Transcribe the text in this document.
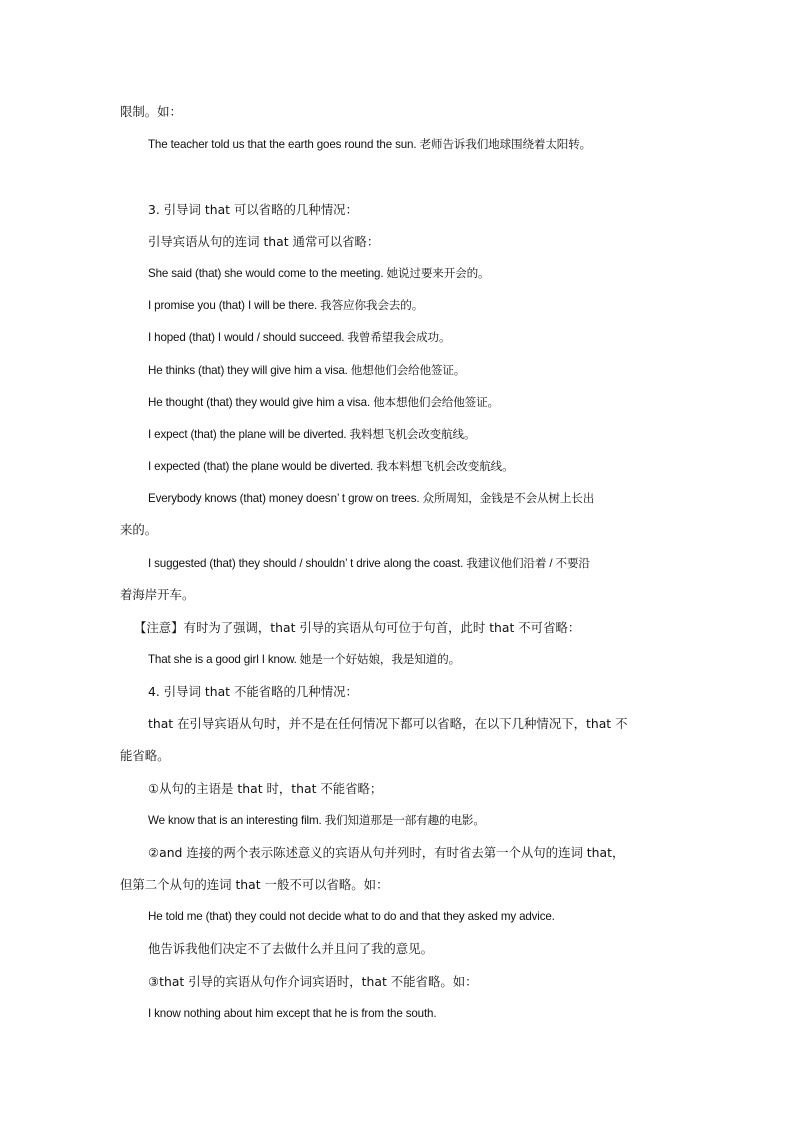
限制。如：
The teacher told us that the earth goes round the sun. 老师告诉我们地球围绕着太阳转。
3. 引导词 that 可以省略的几种情况：
引导宾语从句的连词 that 通常可以省略：
She said (that) she would come to the meeting. 她说过要来开会的。
I promise you (that) I will be there. 我答应你我会去的。
I hoped (that) I would / should succeed. 我曾希望我会成功。
He thinks (that) they will give him a visa. 他想他们会给他签证。
He thought (that) they would give him a visa. 他本想他们会给他签证。
I expect (that) the plane will be diverted. 我料想飞机会改变航线。
I expected (that) the plane would be diverted. 我本料想飞机会改变航线。
Everybody knows (that) money doesn’ t grow on trees. 众所周知，金钱是不会从树上长出
来的。
I suggested (that) they should / shouldn’ t drive along the coast. 我建议他们沿着 / 不要沿
着海岸开车。
【注意】有时为了强调，that 引导的宾语从句可位于句首，此时 that 不可省略：
That she is a good girl I know. 她是一个好姑娘，我是知道的。
4. 引导词 that 不能省略的几种情况：
that 在引导宾语从句时，并不是在任何情况下都可以省略，在以下几种情况下，that 不
能省略。
①从句的主语是 that 时，that 不能省略；
We know that is an interesting film. 我们知道那是一部有趣的电影。
②and 连接的两个表示陈述意义的宾语从句并列时，有时省去第一个从句的连词 that，
但第二个从句的连词 that 一般不可以省略。如：
He told me (that) they could not decide what to do and that they asked my advice.
他告诉我他们决定不了去做什么并且问了我的意见。
③that 引导的宾语从句作介词宾语时，that 不能省略。如：
I know nothing about him except that he is from the south.
